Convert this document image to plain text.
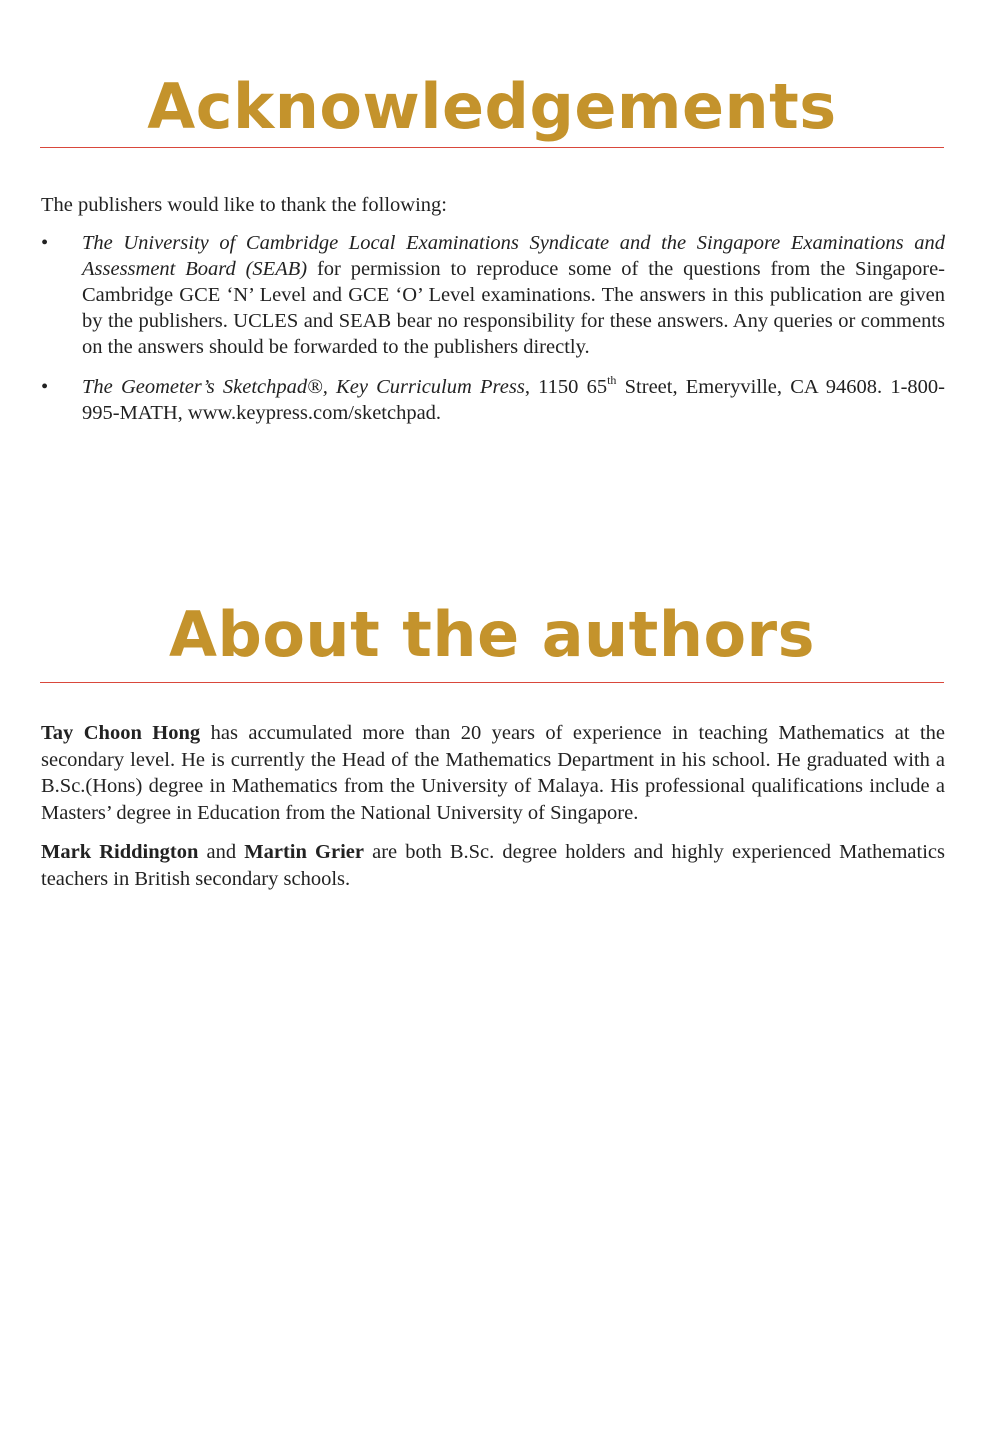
Acknowledgements
The publishers would like to thank the following:
• The University of Cambridge Local Examinations Syndicate and the Singapore Examinations and Assessment Board (SEAB) for permission to reproduce some of the questions from the Singapore-Cambridge GCE ‘N’ Level and GCE ‘O’ Level examinations. The answers in this publication are given by the publishers. UCLES and SEAB bear no responsibility for these answers. Any queries or comments on the answers should be forwarded to the publishers directly.
• The Geometer’s Sketchpad®, Key Curriculum Press, 1150 65th Street, Emeryville, CA 94608. 1-800-995-MATH, www.keypress.com/sketchpad.
About the authors
Tay Choon Hong has accumulated more than 20 years of experience in teaching Mathematics at the secondary level. He is currently the Head of the Mathematics Department in his school. He graduated with a B.Sc.(Hons) degree in Mathematics from the University of Malaya. His professional qualifications include a Masters’ degree in Education from the National University of Singapore.
Mark Riddington and Martin Grier are both B.Sc. degree holders and highly experienced Mathematics teachers in British secondary schools.
